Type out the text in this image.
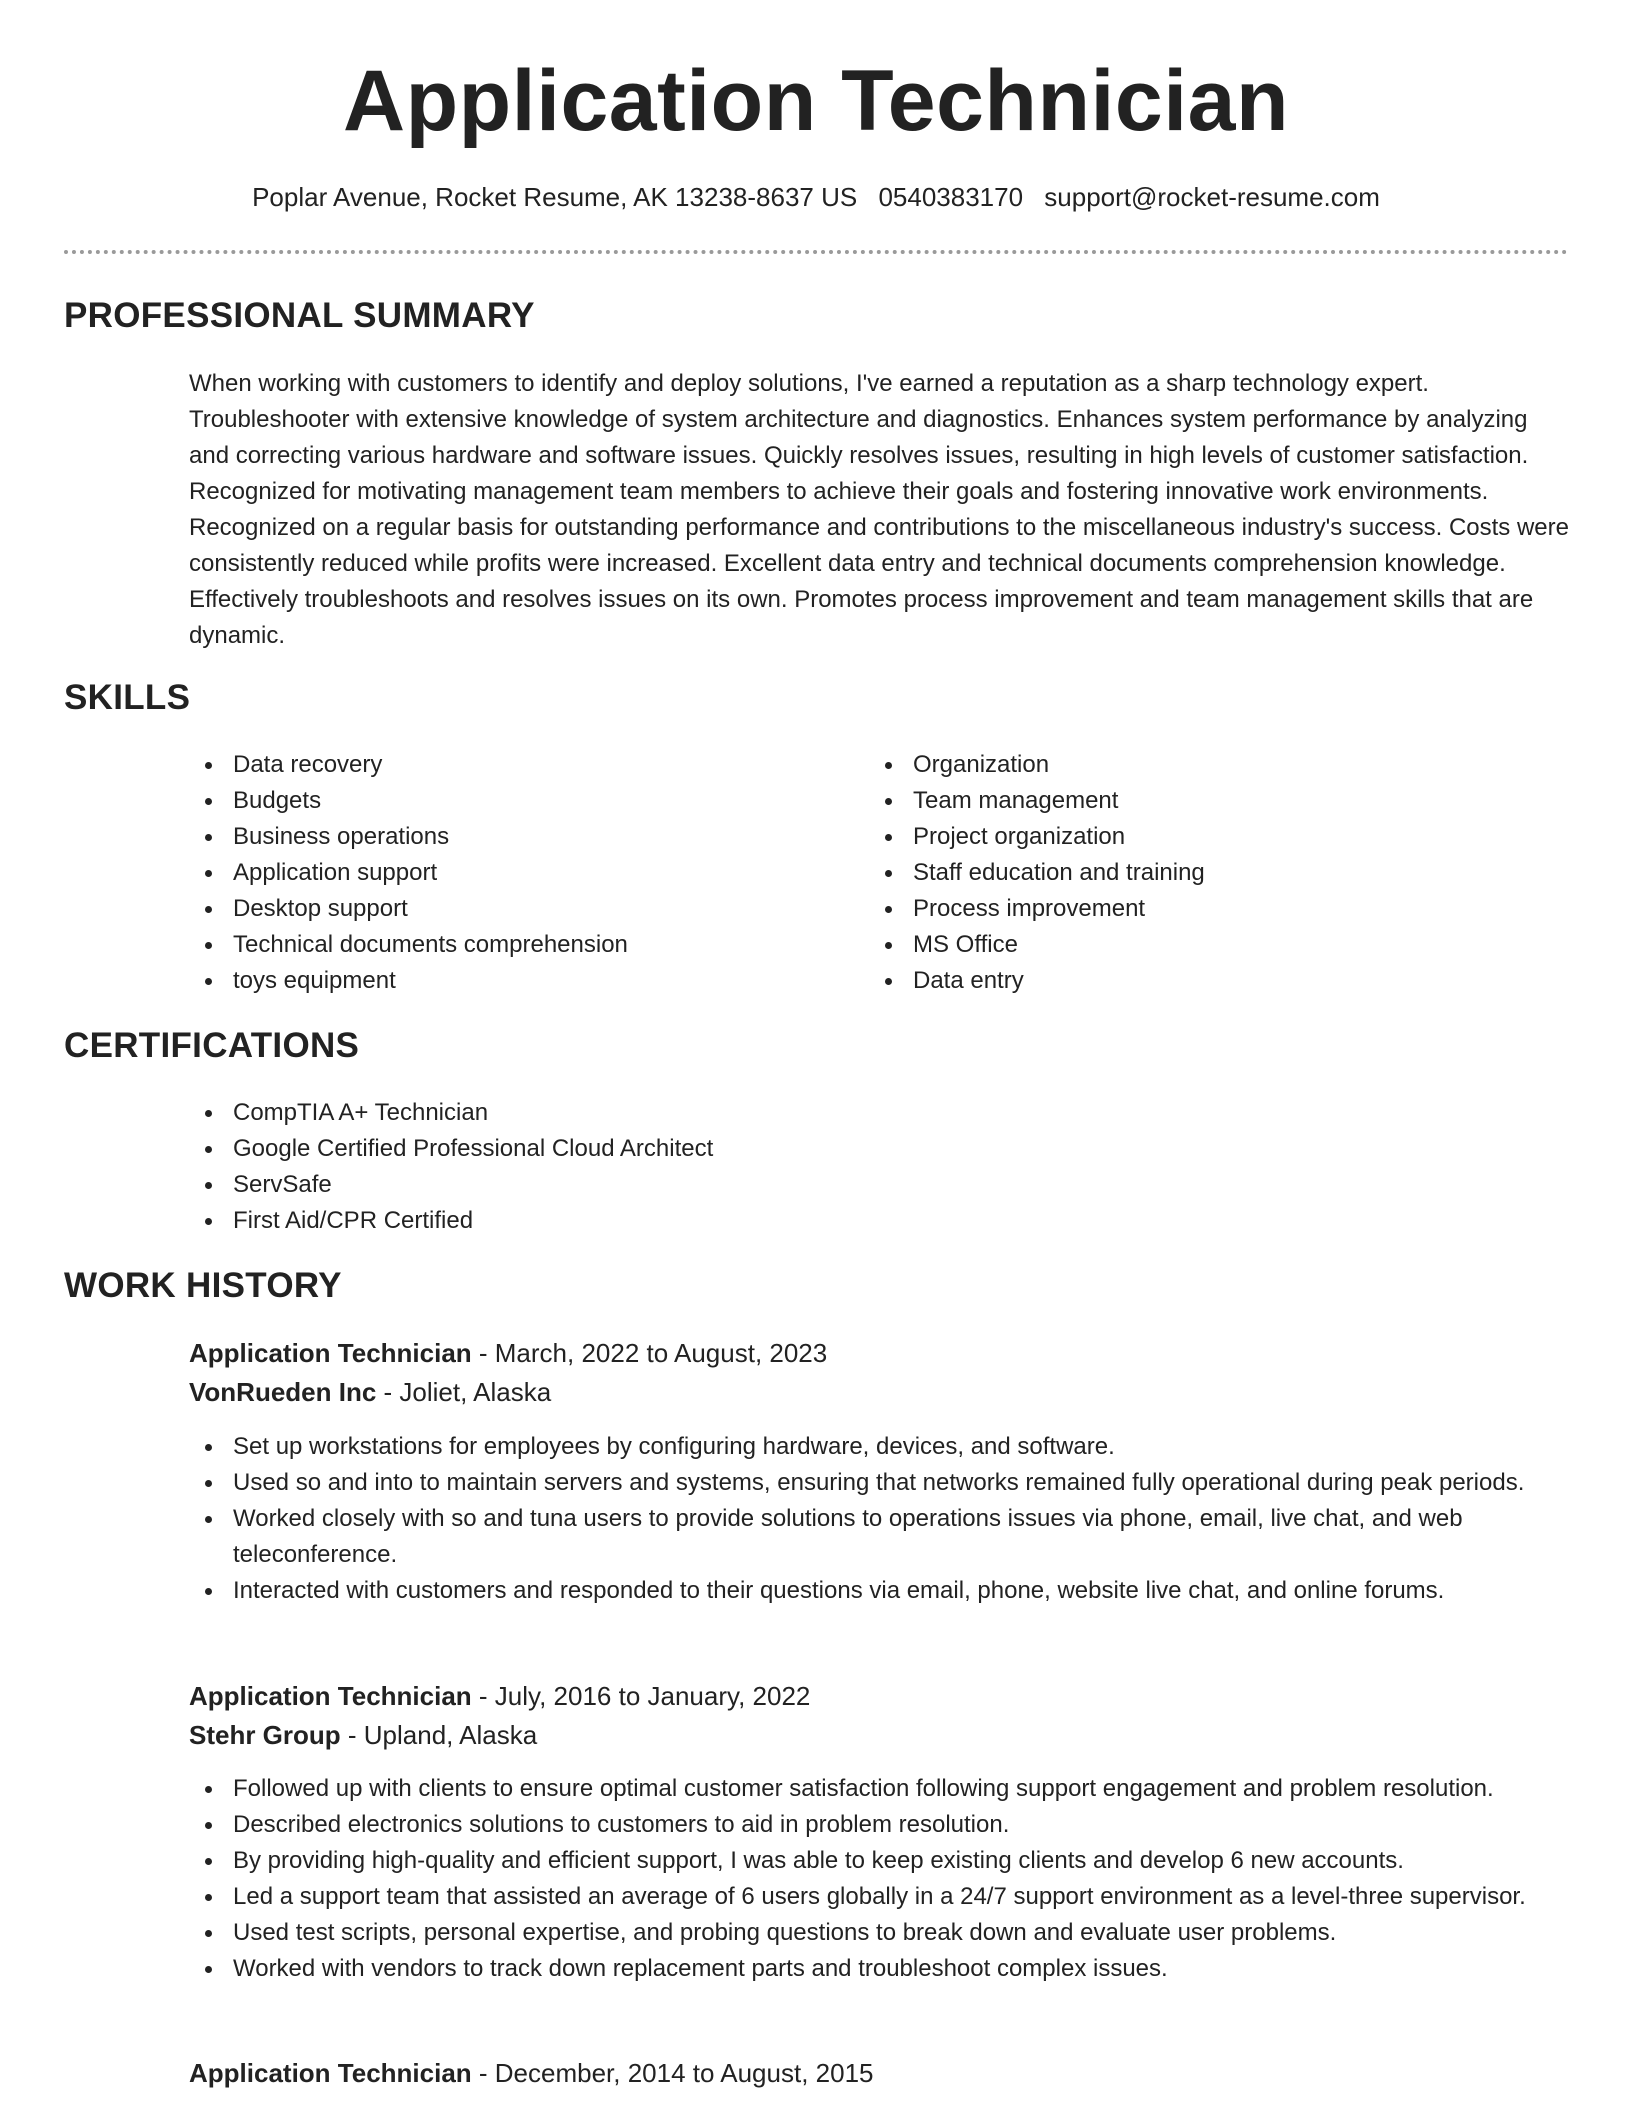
Application Technician
Poplar Avenue, Rocket Resume, AK 13238-8637 US 0540383170 support@rocket-resume.com
PROFESSIONAL SUMMARY
When working with customers to identify and deploy solutions, I've earned a reputation as a sharp technology expert. Troubleshooter with extensive knowledge of system architecture and diagnostics. Enhances system performance by analyzing and correcting various hardware and software issues. Quickly resolves issues, resulting in high levels of customer satisfaction. Recognized for motivating management team members to achieve their goals and fostering innovative work environments. Recognized on a regular basis for outstanding performance and contributions to the miscellaneous industry's success. Costs were consistently reduced while profits were increased. Excellent data entry and technical documents comprehension knowledge. Effectively troubleshoots and resolves issues on its own. Promotes process improvement and team management skills that are dynamic.
SKILLS
Data recovery
Budgets
Business operations
Application support
Desktop support
Technical documents comprehension
toys equipment
Organization
Team management
Project organization
Staff education and training
Process improvement
MS Office
Data entry
CERTIFICATIONS
CompTIA A+ Technician
Google Certified Professional Cloud Architect
ServSafe
First Aid/CPR Certified
WORK HISTORY
Application Technician - March, 2022 to August, 2023
VonRueden Inc - Joliet, Alaska
Set up workstations for employees by configuring hardware, devices, and software.
Used so and into to maintain servers and systems, ensuring that networks remained fully operational during peak periods.
Worked closely with so and tuna users to provide solutions to operations issues via phone, email, live chat, and web teleconference.
Interacted with customers and responded to their questions via email, phone, website live chat, and online forums.
Application Technician - July, 2016 to January, 2022
Stehr Group - Upland, Alaska
Followed up with clients to ensure optimal customer satisfaction following support engagement and problem resolution.
Described electronics solutions to customers to aid in problem resolution.
By providing high-quality and efficient support, I was able to keep existing clients and develop 6 new accounts.
Led a support team that assisted an average of 6 users globally in a 24/7 support environment as a level-three supervisor.
Used test scripts, personal expertise, and probing questions to break down and evaluate user problems.
Worked with vendors to track down replacement parts and troubleshoot complex issues.
Application Technician - December, 2014 to August, 2015
